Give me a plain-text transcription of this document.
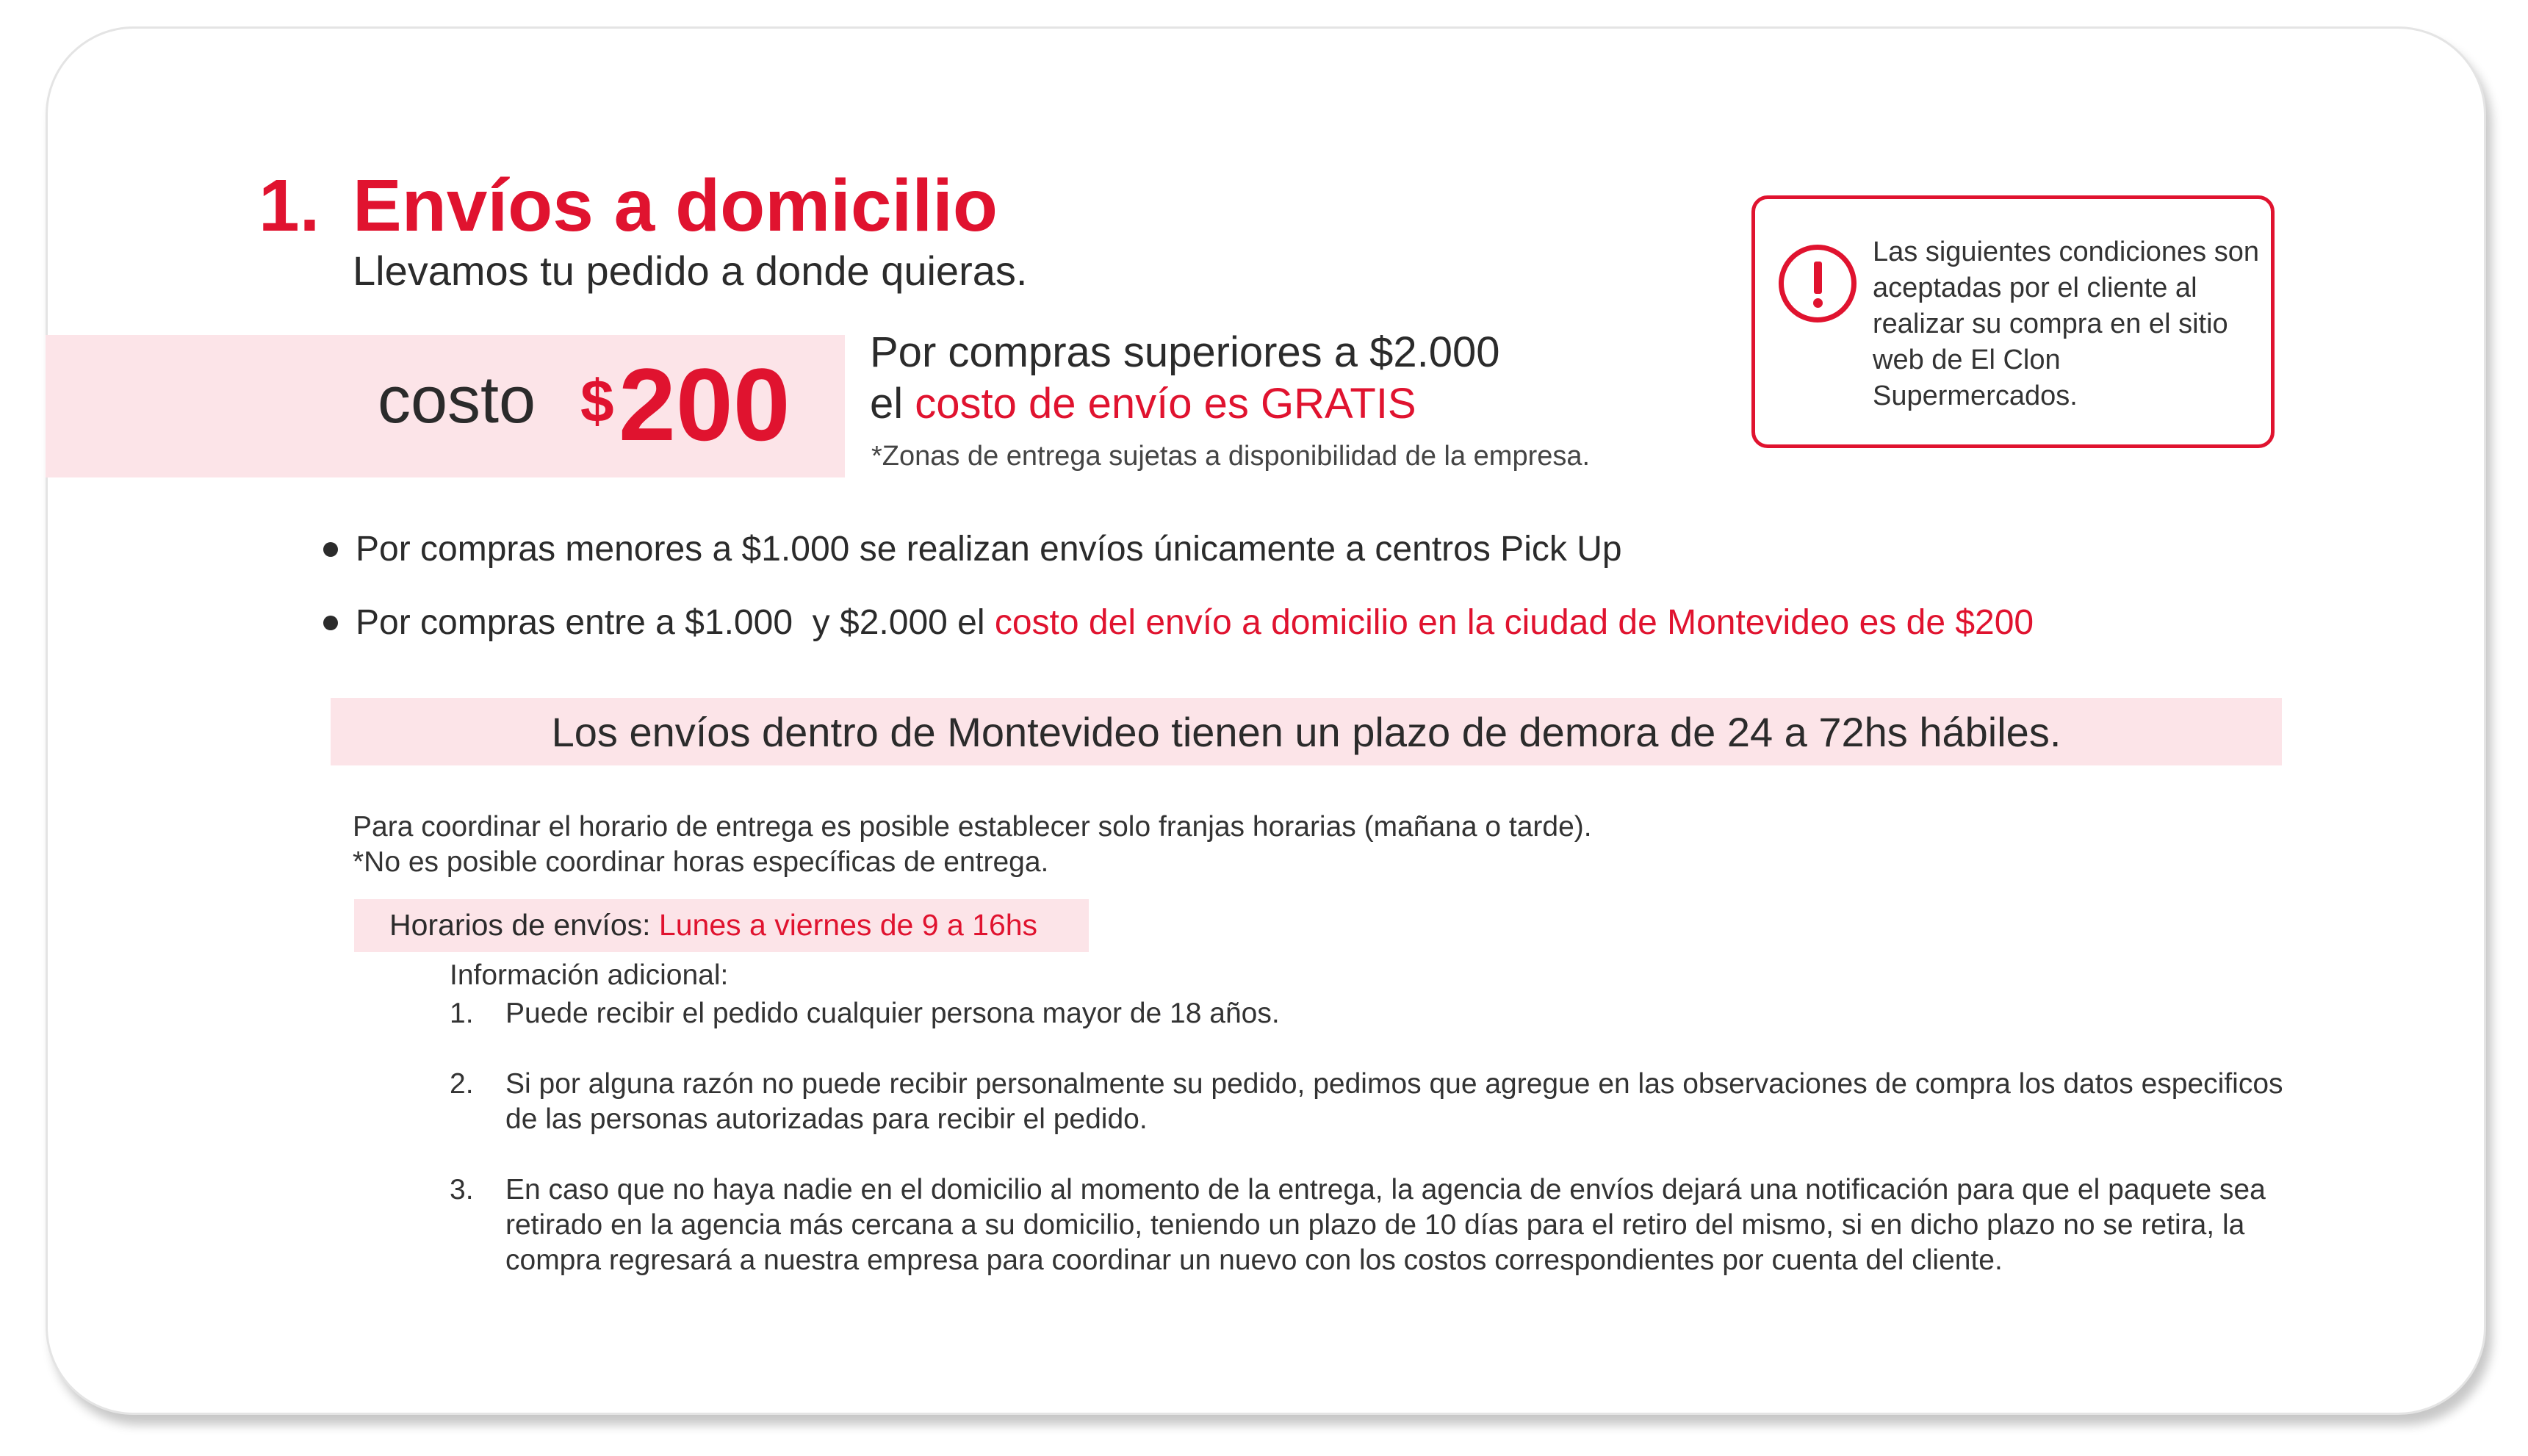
1. Envíos a domicilio
Llevamos tu pedido a donde quieras.
costo $ 200 Por compras superiores a $2.000
el costo de envío es GRATIS
*Zonas de entrega sujetas a disponibilidad de la empresa.
Las siguientes condiciones son aceptadas por el cliente al realizar su compra en el sitio web de El Clon Supermercados.
Por compras menores a $1.000 se realizan envíos únicamente a centros Pick Up
Por compras entre a $1.000  y $2.000 el costo del envío a domicilio en la ciudad de Montevideo es de $200
Los envíos dentro de Montevideo tienen un plazo de demora de 24 a 72hs hábiles.
Para coordinar el horario de entrega es posible establecer solo franjas horarias (mañana o tarde).
*No es posible coordinar horas específicas de entrega.
Horarios de envíos: Lunes a viernes de 9 a 16hs
Información adicional:
1.	Puede recibir el pedido cualquier persona mayor de 18 años.
2.	Si por alguna razón no puede recibir personalmente su pedido, pedimos que agregue en las observaciones de compra los datos especificos de las personas autorizadas para recibir el pedido.
3.	En caso que no haya nadie en el domicilio al momento de la entrega, la agencia de envíos dejará una notificación para que el paquete sea retirado en la agencia más cercana a su domicilio, teniendo un plazo de 10 días para el retiro del mismo, si en dicho plazo no se retira, la compra regresará a nuestra empresa para coordinar un nuevo con los costos correspondientes por cuenta del cliente.
